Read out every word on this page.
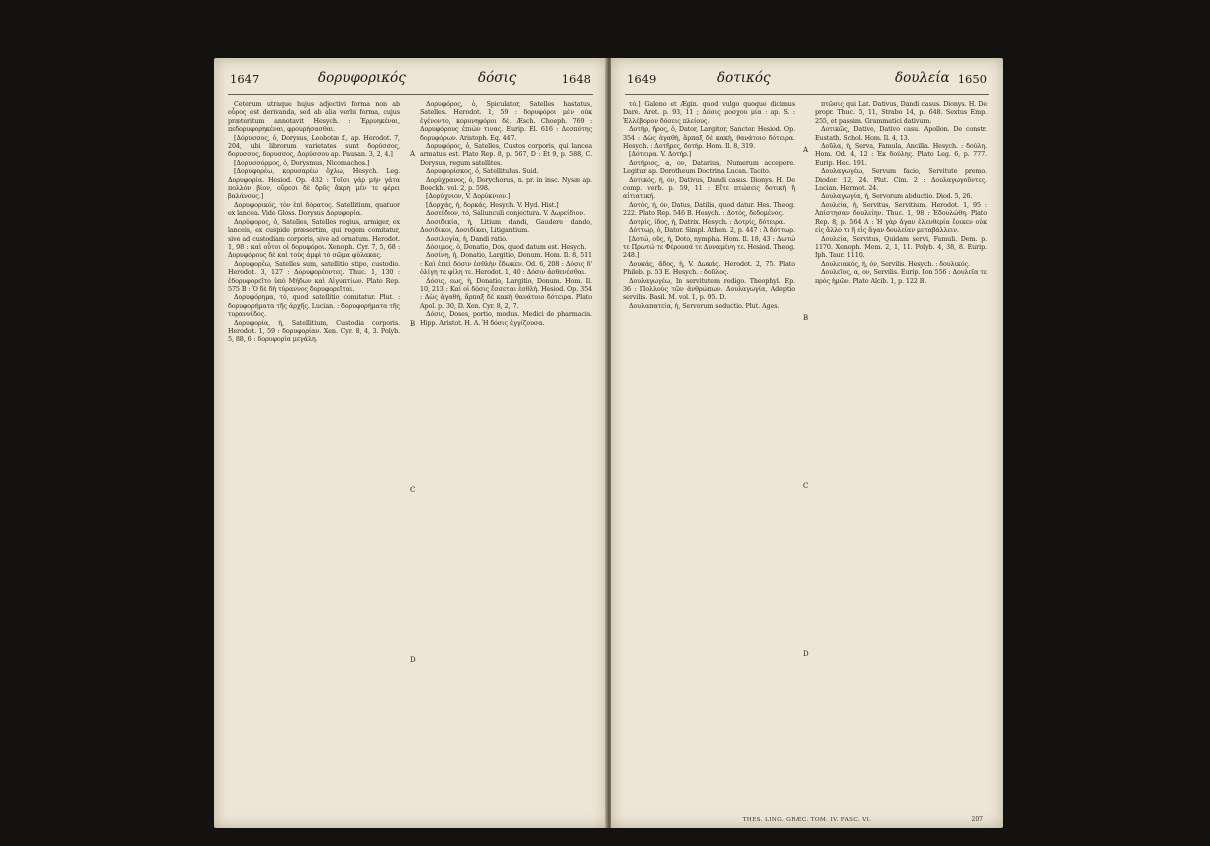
1647	δορυφορικός	δόσις	1648

Ceterum utraque hujus adjectivi forma non ab οὖρος est derivanda, sed ab alia verbi forma, cujus præteritum annotavit Hesych. : Ἐρρυηκέναι, πεδορυφορηκέναι, φρουρήσασθαι.

[Δόρυσσος, ὁ, Dorysus, Leobotæ f., ap. Herodot. 7, 204, ubi librorum varietates sunt δορύσσος, δορυσσος, δορυσσος, Δορύσσου ap. Pausan. 3, 2, 4.]

[Δορυσσόρμος, ὁ, Dorysmus, Nicomachos.]

[Δορυφορέω, κορυσαρέω ὄχλω, Hesych. Leg. Δορυφορία. Hesiod. Op. 432 : Τοῖσι γάρ μὴν γάτα πολλὸν βίον, οὔρεσι δὲ δρῦς ἄκρη μέν τε φέρει βαλάνους.]

Δορυφορικός, τὸν ἐπὶ δόρατος. Satellitium, quatuor ex lancea. Vide Gloss. Dorysus Δορυφορία.

Δορύφορος, ὁ, Satelles, Satelles regius, armiger, ex lanceis, ex cuspide præsertim, qui regem comitatur, sive ad custodiam corporis, sive ad ornatum. Herodot. 1, 98 : καὶ οὗτοι οἱ δορυφόροι. Xenoph. Cyr. 7, 5, 68 : Δορυφόρους δὲ καὶ τοὺς ἀμφὶ τὸ σῶμα φύλακας.

Δορυφορέω, Satelles sum, satellitio stipo, custodio. Herodot. 3, 127 : Δορυφορέοντες. Thuc. 1, 130 : ἐδορυφορεῖτο ὑπὸ Μήδων καὶ Αἰγυπτίων. Plato Rep. 575 B : Ὁ δὲ δὴ τύραννος δορυφορεῖται.

Δορυφόρημα, τό, quod satellitio comitatur. Plut. : δορυφορήματα τῆς ἀρχῆς. Lucian. : δορυφορήματα τῆς τυραννίδος.

Δορυφορία, ἡ, Satellitium, Custodia corporis. Herodot. 1, 59 : δορυφορίαν. Xen. Cyr. 8, 4, 3. Polyb. 5, 88, 6 : δορυφορία μεγάλη.

A
B
C
D

Δορυφόρος, ὁ, Spiculator, Satelles hastatus, Satelles. Herodot. 1, 59 : δορυφόροι μὲν οὐκ ἐγένοντο, κορυνηφόροι δέ. Æsch. Choeph. 769 : Δορυφόρους ἐπιὼν τινας. Eurip. El. 616 : Δεσπότης δορυφόρων. Aristoph. Eq. 447.

Δορυφόρος, ὁ, Satelles, Custos corporis, qui lancea armatus est. Plato Rep. 8, p. 567, D : Et 9, p. 588, C. Dorysus, regum satellites.

Δορυφορίσκος, ὁ, Satellitulus. Suid.

Δορύχρανος, ὁ, Dorychorus, n. pr. in insc. Nysæ ap. Boeckh. vol. 2, p. 598.

[Δορύχνιον, V. Δορύκνιον.]

[Δορχάς, ἡ, δορκάς. Hesych. V. Hyd. Hist.]

Δοσείδιον, τό, Saliunculi conjectura. V. Δωρείδιον.

Δοσιδικία, ἡ, Litium dandi, Gaudere dando, Δοσιδικοι, Δοσιδίκαι, Litigantium.

Δοσιλογία, ἡ, Dandi ratio.

Δόσιμος, ὁ, Donatio, Dos, quod datum est. Hesych.

Δοσίνη, ἡ, Donatio, Largitio, Donum. Hom. Il. 8, 511 : Καὶ ἐπεὶ δόσιν ἐσθλὴν ἔδωκεν. Od. 6, 208 : Δόσις δ' ὀλίγη τε φίλη τε. Herodot. 1, 40 : Δόσιν ἀσθενέσθαι.

Δόσις, εως, ἡ, Donatio, Largitio, Donum. Hom. Il. 10, 213 : Καί οἱ δόσις ἔσσεται ἐσθλή. Hesiod. Op. 354 : Δὼς ἀγαθή, ἅρπαξ δὲ κακὴ θανάτοιο δότειρα. Plato Apol. p. 30, D. Xen. Cyr. 8, 2, 7.

Δόσις, Doses, portio, modus. Medici de pharmacis. Hipp. Aristot. H. A. Ἡ δόσις ἐγγίζουσα.

1649	δοτικός	δουλεία 1650

τό.] Galeno et Ægin. quod vulgo quoque dicimus Dare. Aret. p. 93, 11 ; Δόσις μοσχου μία : ap. S. : Ἐλλέβορον δόσεις πλείους.

Δοτὴρ, ῆρος, ὁ, Dator, Largitor, Sanctor. Hesiod. Op. 354 : Δὼς ἀγαθὴ, ἅρπαξ δὲ κακὴ, θανάτοιο δότειρα. Hesych. : Δοτῆρες, δοτήρ. Hom. Il. 8, 319.

[Δότειρα. V. Δοτήρ.]

Δοτήριος, α, ον, Datarius, Numerum accepere. Legitur ap. Dorotheum Doctrina Lucan. Tacito.

Δοτικός, ή, όν, Dativus, Dandi casus. Dionys. H. De comp. verb. p. 59, 11 : Εἴτε πτώσεις δοτικὴ ἢ αἰτιατική.

Δοτὸς, ή, όν, Datus, Datilis, quod datur. Hes. Theog. 222. Plato Rep. 546 B. Hesych. : Δοτός, δεδομένος.

Δοτρίς, ίδος, ἡ, Datrix. Hesych. : Δοτρίς, δότειρα.

Δόττωρ, ὁ, Dator. Simpl. Athen. 2, p. 447 : Ἁ δόττωρ.

[Δοτώ, οῦς, ἡ, Doto, nympha. Hom. Il. 18, 43 : Δωτώ τε Πρωτώ τε Φέρουσά τε Δυναμένη τε. Hesiod. Theog. 248.]

Δουκάς, ᾶδος, ἡ, V. Δωκάς. Herodot. 2, 75. Plato Phileb. p. 53 E. Hesych. : δοῦλος.

Δουλαγωγέω, In servitutem redigo. Theophyl. Ep. 36 : Πολλοὺς τῶν ἀνθρώπων. Δουλαγωγία, Adeptio servilis. Basil. M. vol. 1, p. 95. D.

Δουλαπατεία, ἡ, Servorum seductio. Plut. Ages.

A
B
C
D

πτῶσις qui Lat. Dativus, Dandi casus. Dionys. H. De propr. Thuc. 5, 11, Strabo 14, p. 648. Sextus Emp. 255, et passim. Grammatici dativum.

Δοτικῶς, Dative, Dativo casu. Apollon. De constr. Eustath. Schol. Hom. Il. 4, 13.

Δοῦλα, ἡ, Serva, Famula, Ancilla. Hesych. : δούλη. Hom. Od. 4, 12 : Ἐκ δούλης. Plato Leg. 6, p. 777. Eurip. Hec. 191.

Δουλαγωγέω, Servum facio, Servitute premo. Diodor. 12, 24. Plut. Cim. 2 : Δουλαγωγοῦντες. Lucian. Hermot. 24.

Δουλαγωγία, ἡ, Servorum abductio. Diod. 5, 26.

Δουλεία, ἡ, Servitus, Servitium. Herodot. 1, 95 : Ἀπίστησαν δουλείην. Thuc. 1, 98 : Ἐδουλώθη. Plato Rep. 8, p. 564 A : Ἡ γὰρ ἄγαν ἐλευθερία ἔοικεν οὐκ εἰς ἄλλο τι ἢ εἰς ἄγαν δουλείαν μεταβάλλειν.

Δουλεία, Servitus, Quidam servi, Famuli. Dem. p. 1170. Xenoph. Mem. 2, 1, 11. Polyb. 4, 38, 8. Eurip. Iph. Taur. 1110.

Δουλειακός, ή, όν, Servilis. Hesych. : δουλικός.

Δουλεῖος, α, ον, Servilis. Eurip. Ion 556 : Δουλεῖα τε πρὸς ἡμῶν. Plato Alcib. 1, p. 122 B.

THES. LING. GRÆC. TOM. IV. FASC. VI.	207
